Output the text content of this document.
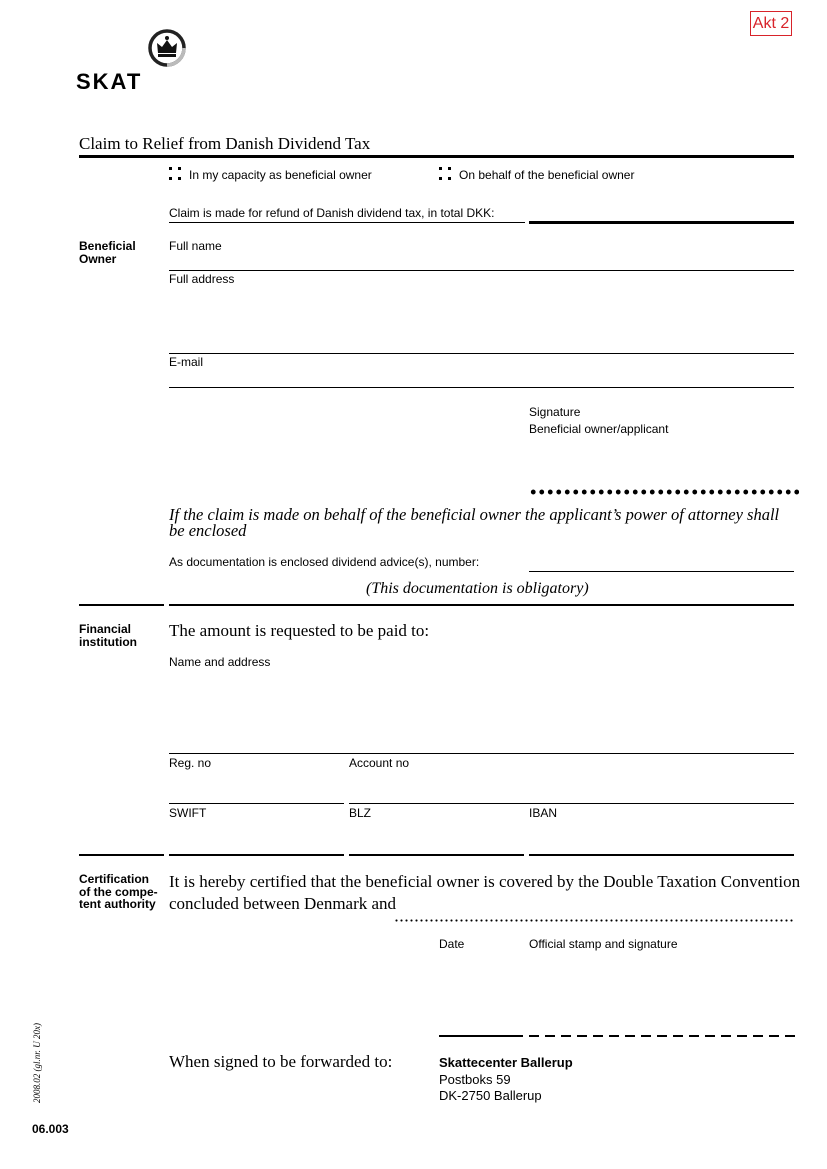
Akt 2
SKAT
Claim to Relief from Danish Dividend Tax
In my capacity as beneficial owner	On behalf of the beneficial owner
Claim is made for refund of Danish dividend tax, in total DKK:
Beneficial
Owner
Full name
Full address
E-mail
Signature
Beneficial owner/applicant
If the claim is made on behalf of the beneficial owner the applicant’s power of attorney shall be enclosed
As documentation is enclosed dividend advice(s), number:
(This documentation is obligatory)
Financial
institution
The amount is requested to be paid to:
Name and address
Reg. no	Account no
SWIFT	BLZ	IBAN
Certification
of the compe-
tent authority
It is hereby certified that the beneficial owner is covered by the Double Taxation Convention
concluded between Denmark and
Date	Official stamp and signature
When signed to be forwarded to:	Skattecenter Ballerup
Postboks 59
DK-2750 Ballerup
2008.02 (gl.nr. U 20x)
06.003
